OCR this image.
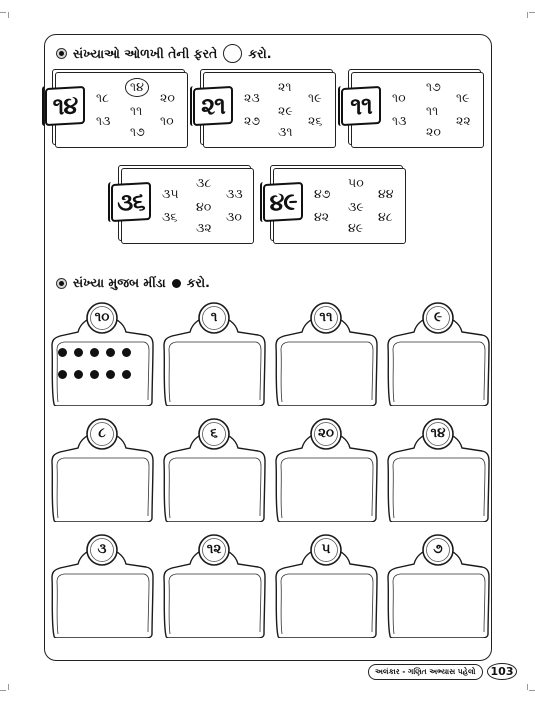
સંખ્યાઓ ઓળખી તેની ફરતે કરો.
૧૪	૧૮
૧૪
૨૦
૧૩
૧૧
૧૦
૧૭
૨૧	૨૩
૨૧
૧૯
૨૭
૨૯
૨૬
૩૧
૧૧	૧૦
૧૭
૧૯
૧૩
૧૧
૨૨
૨૦
૩૬	૩૫
૩૮
૩૩
૩૬
૪૦
૩૦
૩૨
૪૯	૪૭
૫૦
૪૪
૪૨
૩૯
૪૮
૪૯
સંખ્યા મુજબ મીંડા કરો.
૧૦	૧	૧૧	૯
૮	૬	૨૦	૧૪
૩	૧૨	૫	૭
અલંકાર - ગણિત અભ્યાસ પહેલો	103
